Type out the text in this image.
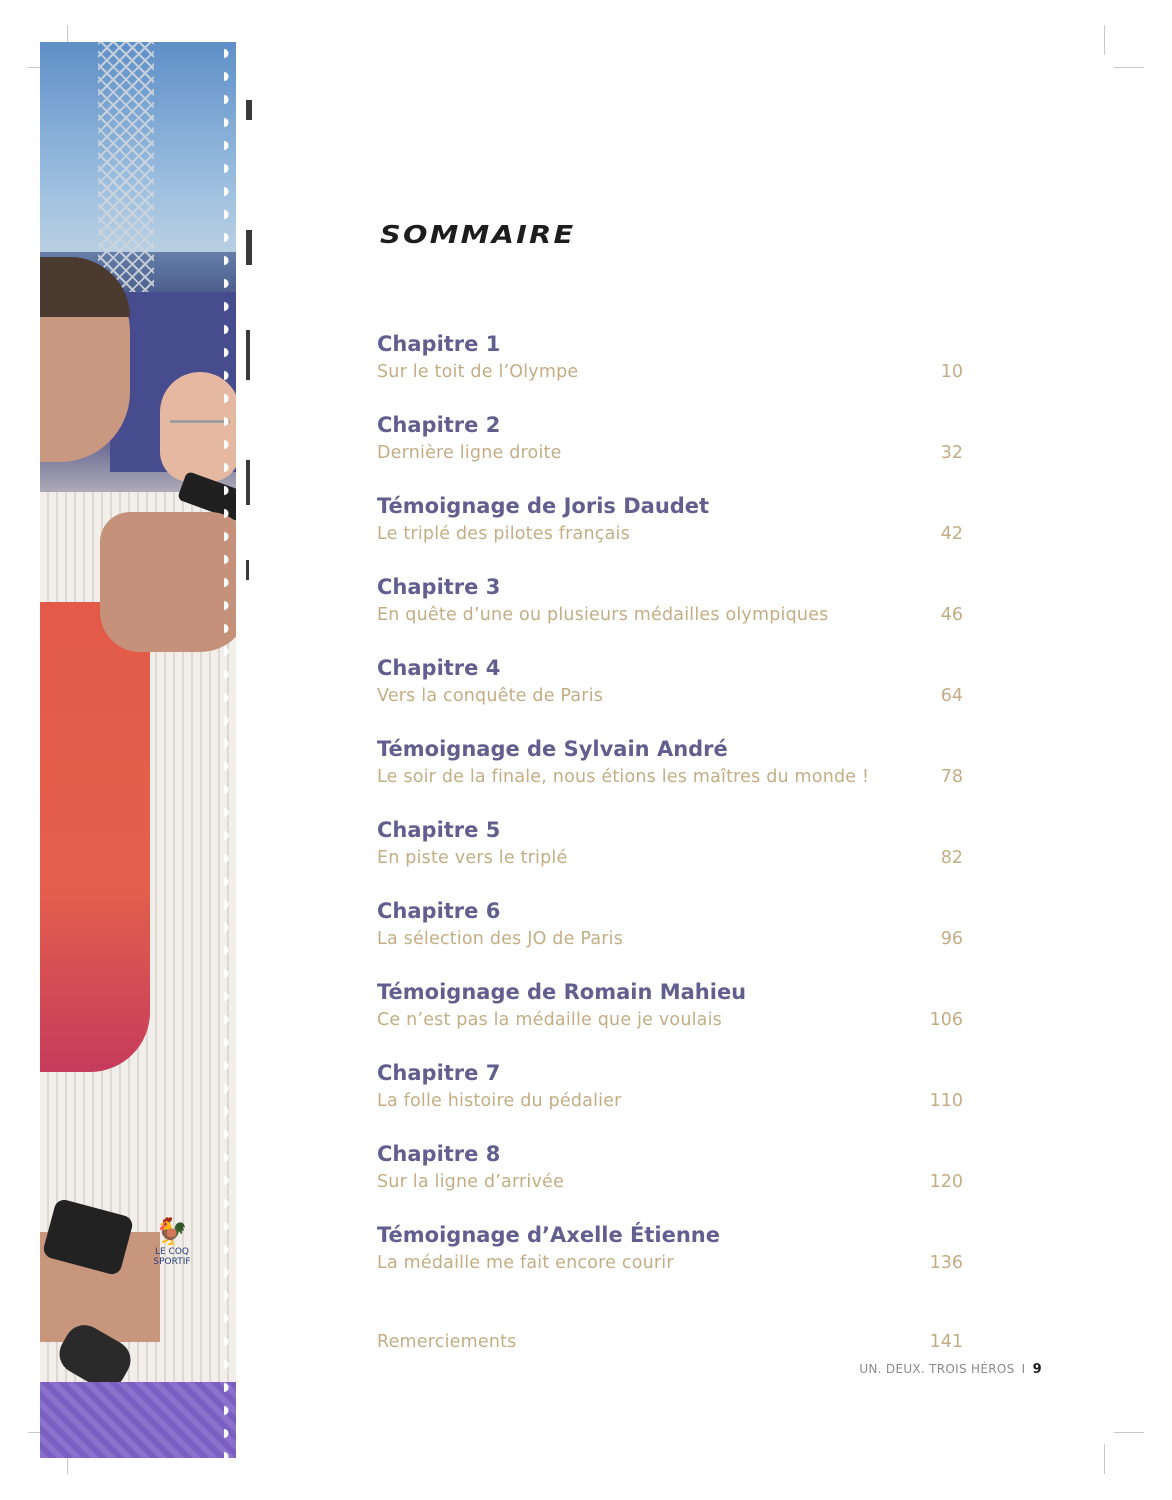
🐓
LE COQ SPORTIF
SOMMAIRE
Chapitre 1
Sur le toit de l’Olympe	10
Chapitre 2
Dernière ligne droite	32
Témoignage de Joris Daudet
Le triplé des pilotes français	42
Chapitre 3
En quête d’une ou plusieurs médailles olympiques	46
Chapitre 4
Vers la conquête de Paris	64
Témoignage de Sylvain André
Le soir de la finale, nous étions les maîtres du monde !	78
Chapitre 5
En piste vers le triplé	82
Chapitre 6
La sélection des JO de Paris	96
Témoignage de Romain Mahieu
Ce n’est pas la médaille que je voulais	106
Chapitre 7
La folle histoire du pédalier	110
Chapitre 8
Sur la ligne d’arrivée	120
Témoignage d’Axelle Étienne
La médaille me fait encore courir	136
Remerciements	141
UN. DEUX. TROIS HÉROS I 9
